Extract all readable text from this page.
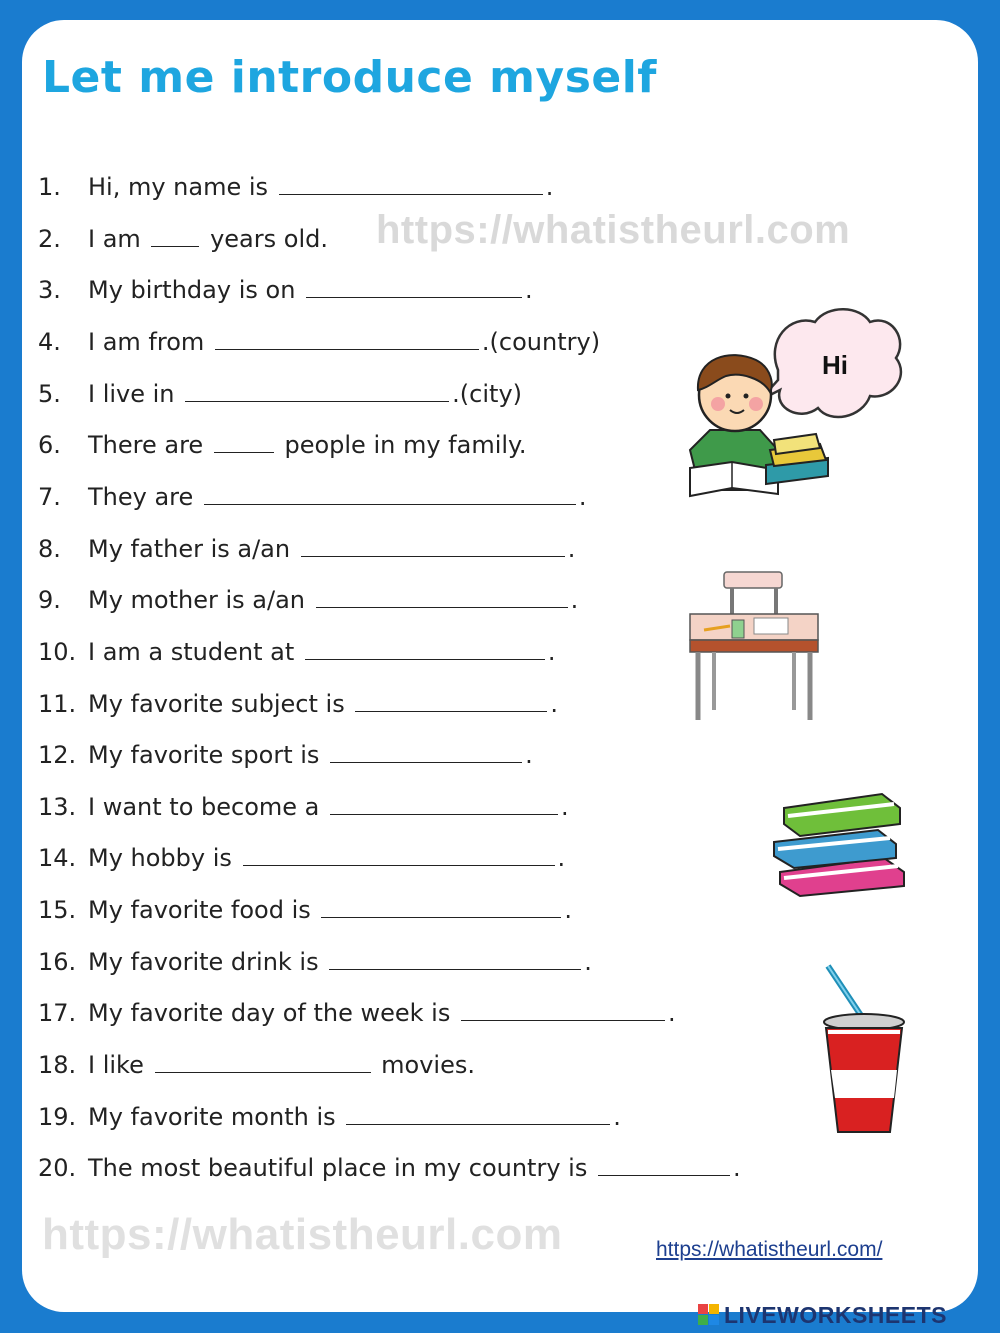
Let me introduce myself
https://whatistheurl.com
1. Hi, my name is	.
2. I am	years old.
3. My birthday is on	.
4. I am from	.(country)
5. I live in	.(city)
6. There are	people in my family.
7. They are	.
8. My father is a/an	.
9. My mother is a/an	.
10. I am a student at	.
11. My favorite subject is	.
12. My favorite sport is	.
13. I want to become a	.
14. My hobby is	.
15. My favorite food is	.
16. My favorite drink is	.
17. My favorite day of the week is	.
18. I like	movies.
19. My favorite month is	.
20. The most beautiful place in my country is	.
Hi
https://whatistheurl.com	https://whatistheurl.com/
LIVEWORKSHEETS
